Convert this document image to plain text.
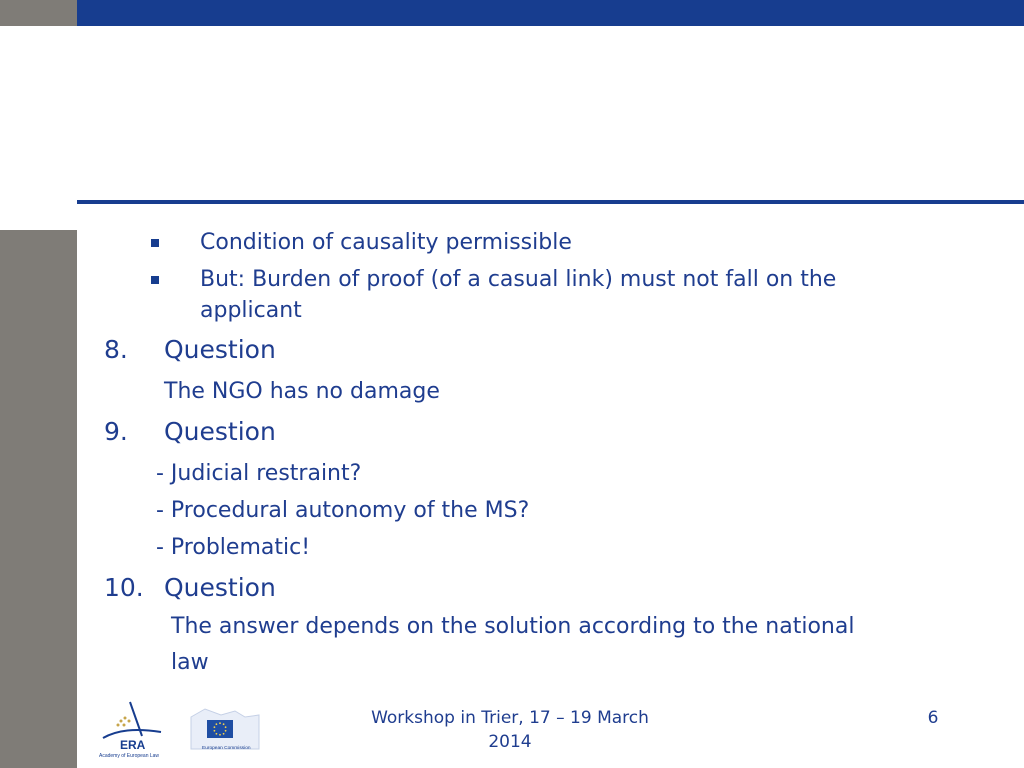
Condition of causality permissible
But: Burden of proof (of a casual link) must not fall on the
applicant
8. Question
The NGO has no damage
9. Question
- Judicial restraint?
- Procedural autonomy of the MS?
- Problematic!
10. Question
The answer depends on the solution according to the national
law
ERA
Academy of European Law
European Commission
Workshop in Trier, 17 – 19 March
2014
6
